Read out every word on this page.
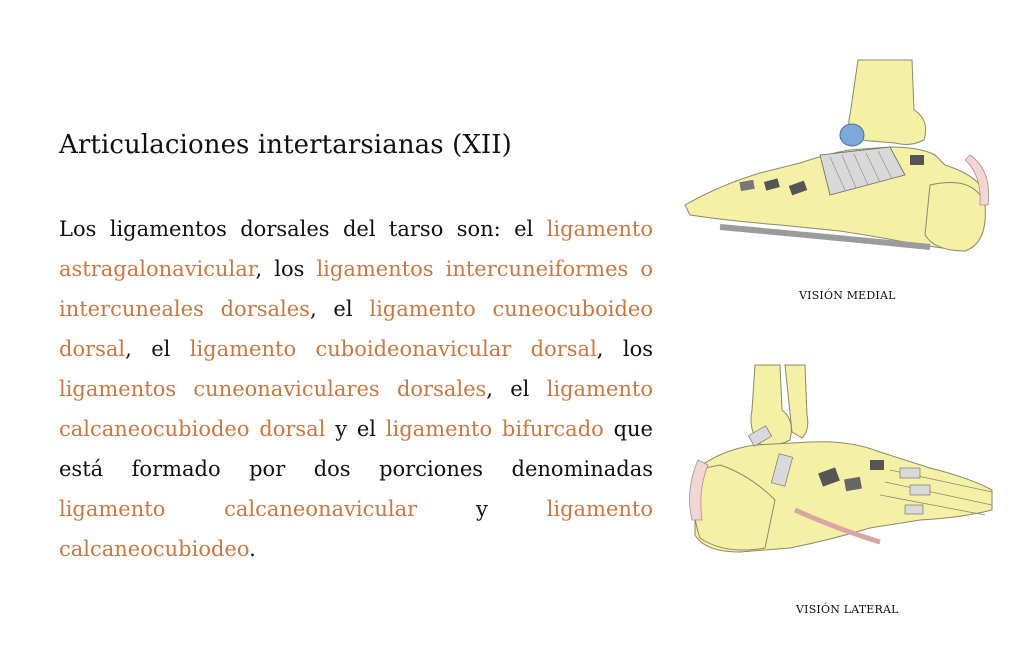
Articulaciones intertarsianas (XII)

Los ligamentos dorsales del tarso son: el ligamento astragalonavicular, los ligamentos intercuneiformes o intercuneales dorsales, el ligamento cuneocuboideo dorsal, el ligamento cuboideonavicular dorsal, los ligamentos cuneonaviculares dorsales, el ligamento calcaneocubiodeo dorsal y el ligamento bifurcado que está formado por dos porciones denominadas ligamento calcaneonavicular y ligamento calcaneocubiodeo.

VISIÓN MEDIAL
VISIÓN LATERAL
